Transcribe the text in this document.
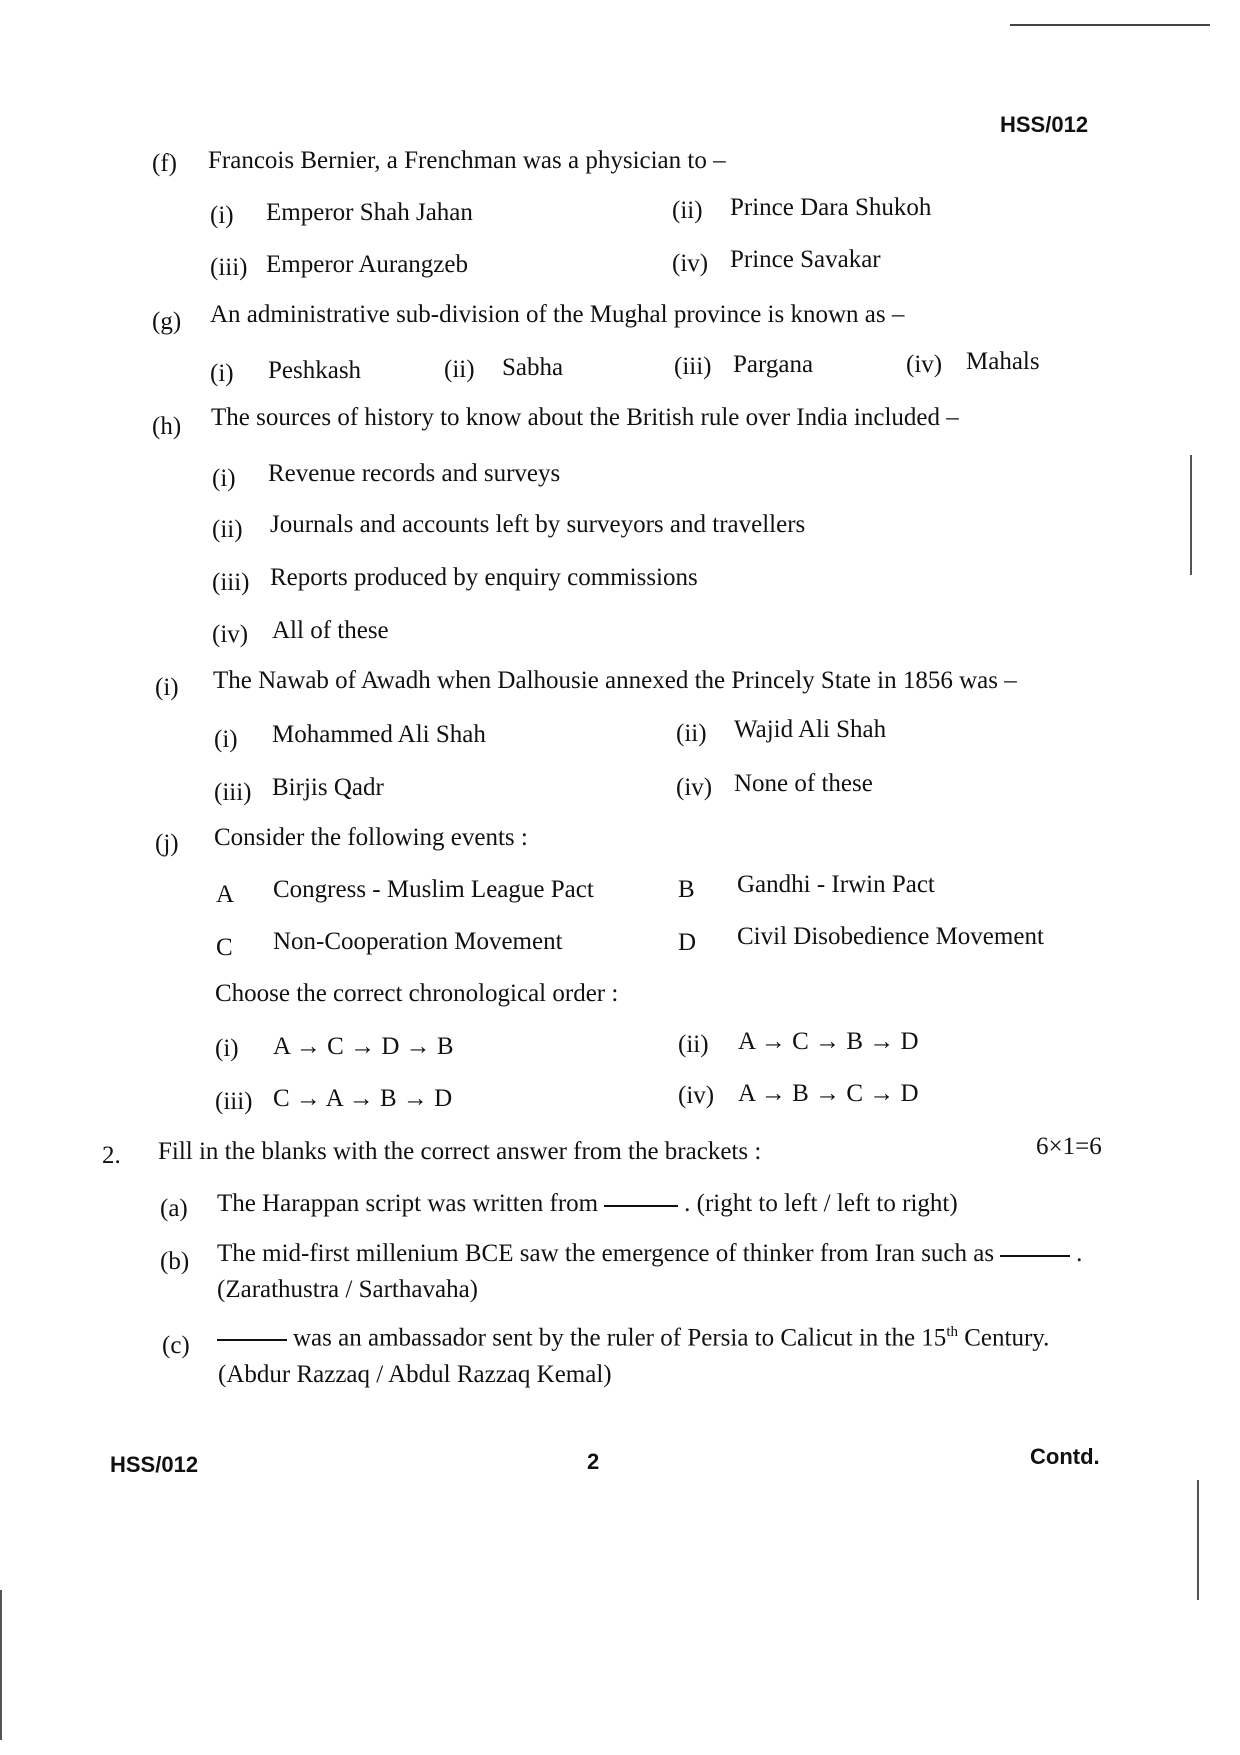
HSS/012
(f) Francois Bernier, a Frenchman was a physician to –
(i) Emperor Shah Jahan	(ii) Prince Dara Shukoh
(iii) Emperor Aurangzeb	(iv) Prince Savakar
(g) An administrative sub-division of the Mughal province is known as –
(i) Peshkash	(ii) Sabha	(iii) Pargana	(iv) Mahals
(h) The sources of history to know about the British rule over India included –
(i) Revenue records and surveys
(ii) Journals and accounts left by surveyors and travellers
(iii) Reports produced by enquiry commissions
(iv) All of these
(i) The Nawab of Awadh when Dalhousie annexed the Princely State in 1856 was –
(i) Mohammed Ali Shah	(ii) Wajid Ali Shah
(iii) Birjis Qadr	(iv) None of these
(j) Consider the following events :
A Congress - Muslim League Pact	B Gandhi - Irwin Pact
C Non-Cooperation Movement	D Civil Disobedience Movement
Choose the correct chronological order :
(i) A → C → D → B	(ii) A → C → B → D
(iii) C → A → B → D	(iv) A → B → C → D
2. Fill in the blanks with the correct answer from the brackets :	6×1=6
(a) The Harappan script was written from	. (right to left / left to right)
(b) The mid-first millenium BCE saw the emergence of thinker from Iran such as	.
(Zarathustra / Sarthavaha)
(c)	was an ambassador sent by the ruler of Persia to Calicut in the 15th Century.
(Abdur Razzaq / Abdul Razzaq Kemal)
HSS/012	2	Contd.
